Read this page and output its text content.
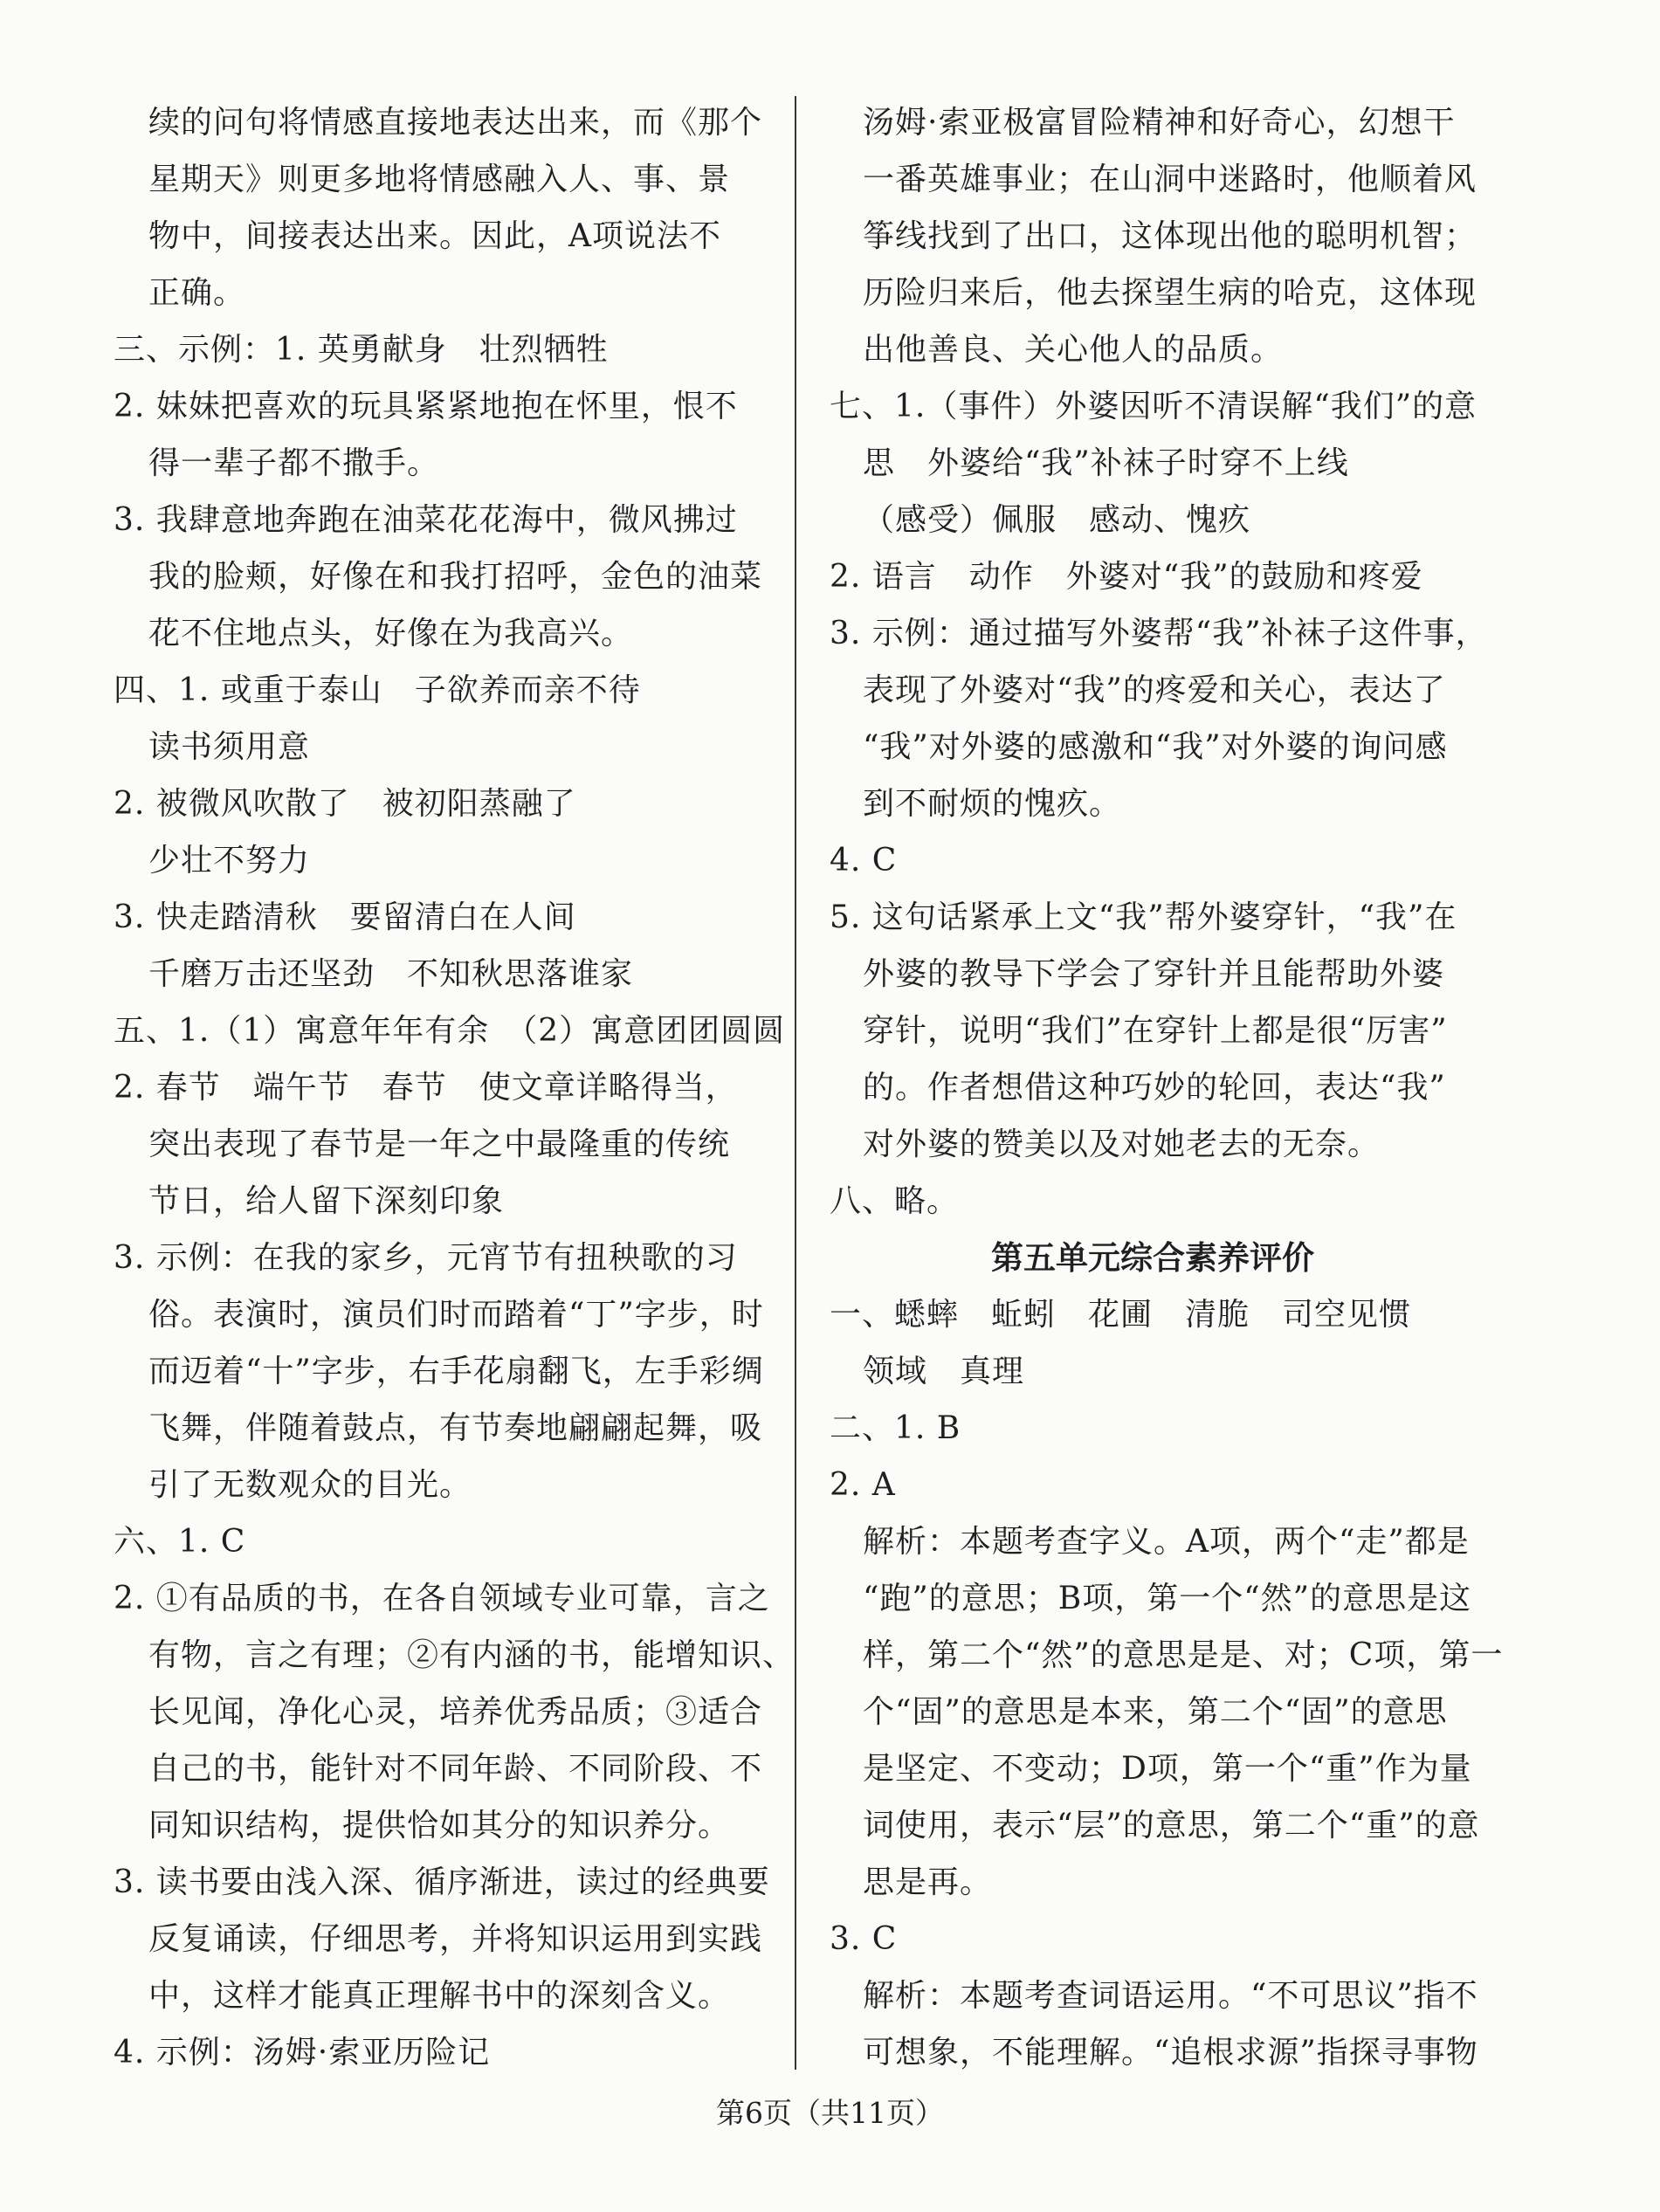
续的问句将情感直接地表达出来，而《那个
星期天》则更多地将情感融入人、事、景
物中，间接表达出来。因此，A项说法不
正确。
三、示例：1. 英勇献身　壮烈牺牲
2. 妹妹把喜欢的玩具紧紧地抱在怀里，恨不
得一辈子都不撒手。
3. 我肆意地奔跑在油菜花花海中，微风拂过
我的脸颊，好像在和我打招呼，金色的油菜
花不住地点头，好像在为我高兴。
四、1. 或重于泰山　子欲养而亲不待
读书须用意
2. 被微风吹散了　被初阳蒸融了
少壮不努力
3. 快走踏清秋　要留清白在人间
千磨万击还坚劲　不知秋思落谁家
五、1.（1）寓意年年有余　（2）寓意团团圆圆
2. 春节　端午节　春节　使文章详略得当，
突出表现了春节是一年之中最隆重的传统
节日，给人留下深刻印象
3. 示例：在我的家乡，元宵节有扭秧歌的习
俗。表演时，演员们时而踏着“丁”字步，时
而迈着“十”字步，右手花扇翻飞，左手彩绸
飞舞，伴随着鼓点，有节奏地翩翩起舞，吸
引了无数观众的目光。
六、1. C
2. ①有品质的书，在各自领域专业可靠，言之
有物，言之有理；②有内涵的书，能增知识、
长见闻，净化心灵，培养优秀品质；③适合
自己的书，能针对不同年龄、不同阶段、不
同知识结构，提供恰如其分的知识养分。
3. 读书要由浅入深、循序渐进，读过的经典要
反复诵读，仔细思考，并将知识运用到实践
中，这样才能真正理解书中的深刻含义。
4. 示例：汤姆·索亚历险记
汤姆·索亚极富冒险精神和好奇心，幻想干
一番英雄事业；在山洞中迷路时，他顺着风
筝线找到了出口，这体现出他的聪明机智；
历险归来后，他去探望生病的哈克，这体现
出他善良、关心他人的品质。
七、1.（事件）外婆因听不清误解“我们”的意
思　外婆给“我”补袜子时穿不上线
（感受）佩服　感动、愧疚
2. 语言　动作　外婆对“我”的鼓励和疼爱
3. 示例：通过描写外婆帮“我”补袜子这件事，
表现了外婆对“我”的疼爱和关心，表达了
“我”对外婆的感激和“我”对外婆的询问感
到不耐烦的愧疚。
4. C
5. 这句话紧承上文“我”帮外婆穿针，“我”在
外婆的教导下学会了穿针并且能帮助外婆
穿针，说明“我们”在穿针上都是很“厉害”
的。作者想借这种巧妙的轮回，表达“我”
对外婆的赞美以及对她老去的无奈。
八、略。
第五单元综合素养评价
一、蟋蟀　蚯蚓　花圃　清脆　司空见惯
领域　真理
二、1. B
2. A
解析：本题考查字义。A项，两个“走”都是
“跑”的意思；B项，第一个“然”的意思是这
样，第二个“然”的意思是是、对；C项，第一
个“固”的意思是本来，第二个“固”的意思
是坚定、不变动；D项，第一个“重”作为量
词使用，表示“层”的意思，第二个“重”的意
思是再。
3. C
解析：本题考查词语运用。“不可思议”指不
可想象，不能理解。“追根求源”指探寻事物
第6页（共11页）
